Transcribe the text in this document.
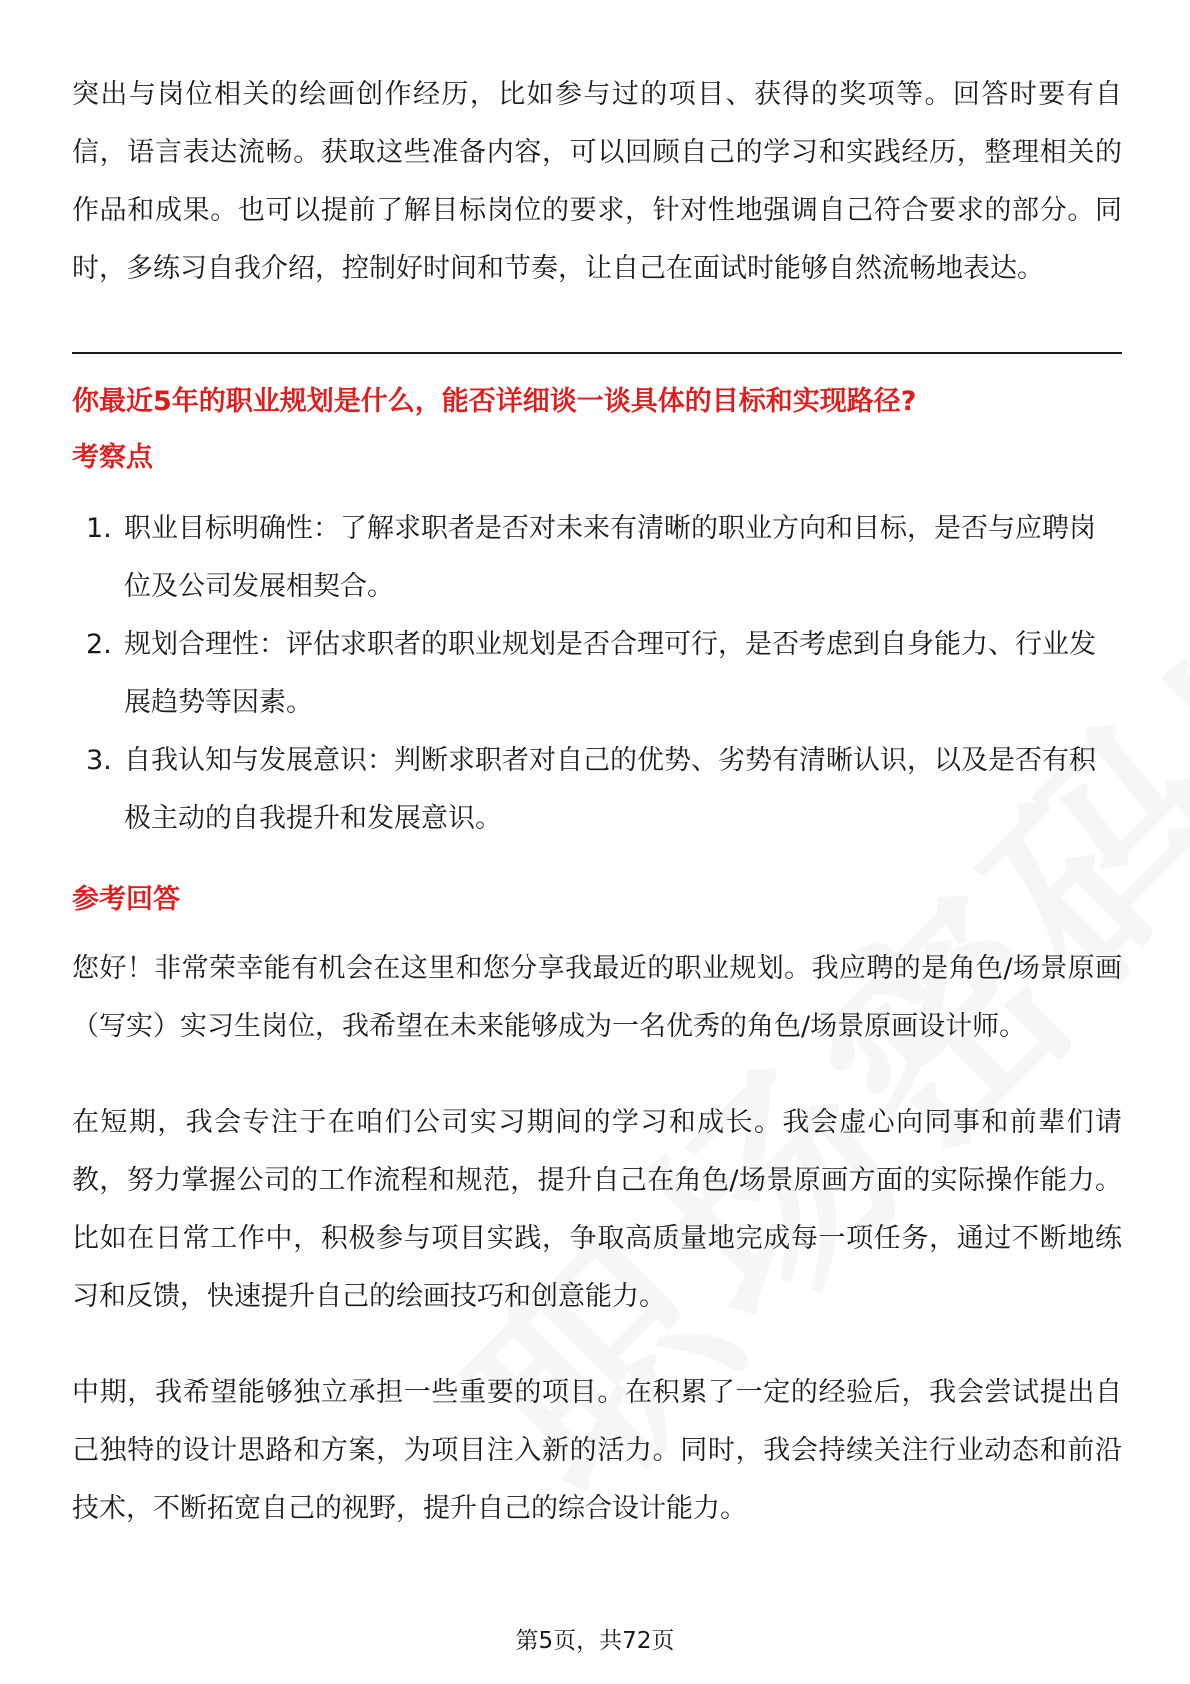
突出与岗位相关的绘画创作经历，比如参与过的项目、获得的奖项等。回答时要有自信，语言表达流畅。获取这些准备内容，可以回顾自己的学习和实践经历，整理相关的作品和成果。也可以提前了解目标岗位的要求，针对性地强调自己符合要求的部分。同时，多练习自我介绍，控制好时间和节奏，让自己在面试时能够自然流畅地表达。

你最近5年的职业规划是什么，能否详细谈一谈具体的目标和实现路径?
考察点
1. 职业目标明确性：了解求职者是否对未来有清晰的职业方向和目标，是否与应聘岗位及公司发展相契合。
2. 规划合理性：评估求职者的职业规划是否合理可行，是否考虑到自身能力、行业发展趋势等因素。
3. 自我认知与发展意识：判断求职者对自己的优势、劣势有清晰认识，以及是否有积极主动的自我提升和发展意识。
参考回答

您好！非常荣幸能有机会在这里和您分享我最近的职业规划。我应聘的是角色/场景原画（写实）实习生岗位，我希望在未来能够成为一名优秀的角色/场景原画设计师。

在短期，我会专注于在咱们公司实习期间的学习和成长。我会虚心向同事和前辈们请教，努力掌握公司的工作流程和规范，提升自己在角色/场景原画方面的实际操作能力。比如在日常工作中，积极参与项目实践，争取高质量地完成每一项任务，通过不断地练习和反馈，快速提升自己的绘画技巧和创意能力。

中期，我希望能够独立承担一些重要的项目。在积累了一定的经验后，我会尝试提出自己独特的设计思路和方案，为项目注入新的活力。同时，我会持续关注行业动态和前沿技术，不断拓宽自己的视野，提升自己的综合设计能力。

第5页，共72页
